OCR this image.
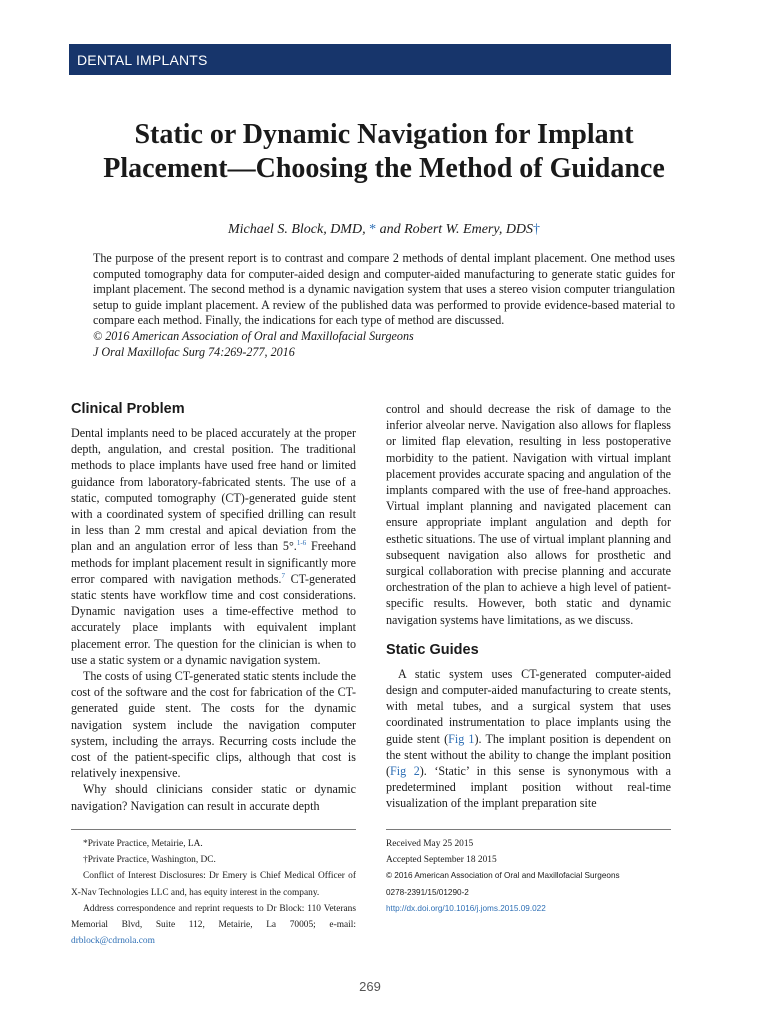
DENTAL IMPLANTS
Static or Dynamic Navigation for Implant Placement—Choosing the Method of Guidance
Michael S. Block, DMD, * and Robert W. Emery, DDS†

The purpose of the present report is to contrast and compare 2 methods of dental implant placement. One method uses computed tomography data for computer-aided design and computer-aided manufacturing to generate static guides for implant placement. The second method is a dynamic navigation system that uses a stereo vision computer triangulation setup to guide implant placement. A review of the published data was performed to provide evidence-based material to compare each method. Finally, the indications for each type of method are discussed.

© 2016 American Association of Oral and Maxillofacial Surgeons

J Oral Maxillofac Surg 74:269-277, 2016

Clinical Problem

Dental implants need to be placed accurately at the proper depth, angulation, and crestal position. The traditional methods to place implants have used free hand or limited guidance from laboratory-fabricated stents. The use of a static, computed tomography (CT)-generated guide stent with a coordinated system of specified drilling can result in less than 2 mm crestal and apical deviation from the plan and an angulation error of less than 5°.$^{1-6}$ Freehand methods for implant placement result in significantly more error compared with navigation methods.$^7$ CT-generated static stents have workflow time and cost considerations. Dynamic navigation uses a time-effective method to accurately place implants with equivalent implant placement error. The question for the clinician is when to use a static system or a dynamic navigation system.

The costs of using CT-generated static stents include the cost of the software and the cost for fabrication of the CT-generated guide stent. The costs for the dynamic navigation system include the navigation computer system, including the arrays. Recurring costs include the cost of the patient-specific clips, although that cost is relatively inexpensive.

Why should clinicians consider static or dynamic navigation? Navigation can result in accurate depth

control and should decrease the risk of damage to the inferior alveolar nerve. Navigation also allows for flapless or limited flap elevation, resulting in less postoperative morbidity to the patient. Navigation with virtual implant placement provides accurate spacing and angulation of the implants compared with the use of free-hand approaches. Virtual implant planning and navigated placement can ensure appropriate implant angulation and depth for esthetic situations. The use of virtual implant planning and subsequent navigation also allows for prosthetic and surgical collaboration with precise planning and accurate orchestration of the plan to achieve a high level of patient-specific results. However, both static and dynamic navigation systems have limitations, as we discuss.

Static Guides

A static system uses CT-generated computer-aided design and computer-aided manufacturing to create stents, with metal tubes, and a surgical system that uses coordinated instrumentation to place implants using the guide stent (Fig 1). The implant position is dependent on the stent without the ability to change the implant position (Fig 2). ‘Static’ in this sense is synonymous with a predetermined implant position without real-time visualization of the implant preparation site

*Private Practice, Metairie, LA.

†Private Practice, Washington, DC.

Conflict of Interest Disclosures: Dr Emery is Chief Medical Officer of X-Nav Technologies LLC and, has equity interest in the company.

Address correspondence and reprint requests to Dr Block: 110 Veterans Memorial Blvd, Suite 112, Metairie, La 70005; e-mail: drblock@cdrnola.com

Received May 25 2015

Accepted September 18 2015

© 2016 American Association of Oral and Maxillofacial Surgeons

0278-2391/15/01290-2

http://dx.doi.org/10.1016/j.joms.2015.09.022

269
